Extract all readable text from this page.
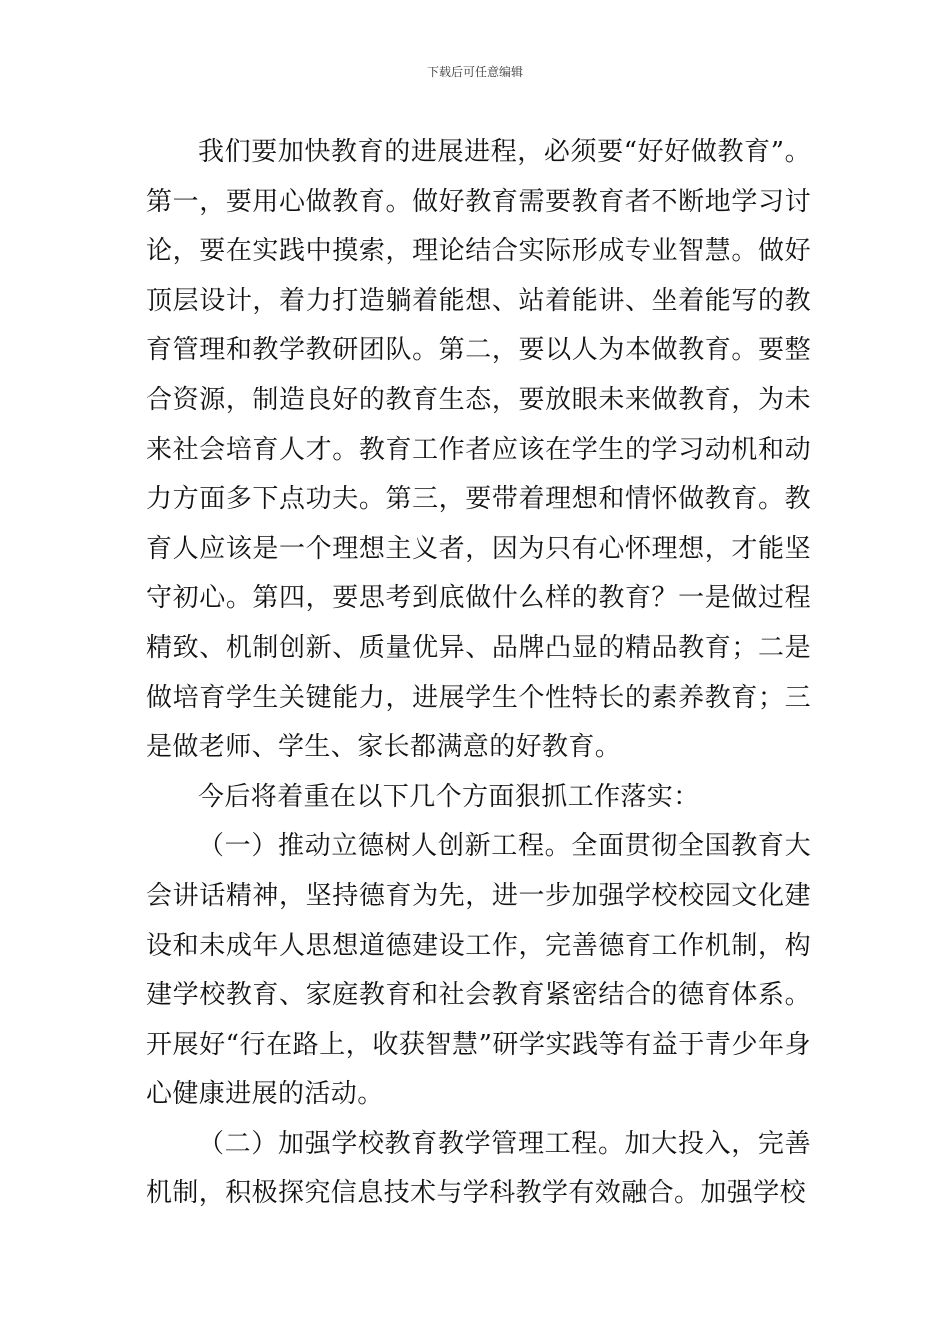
下载后可任意编辑

我们要加快教育的进展进程，必须要“好好做教育”。第一，要用心做教育。做好教育需要教育者不断地学习讨论，要在实践中摸索，理论结合实际形成专业智慧。做好顶层设计，着力打造躺着能想、站着能讲、坐着能写的教育管理和教学教研团队。第二，要以人为本做教育。要整合资源，制造良好的教育生态，要放眼未来做教育，为未来社会培育人才。教育工作者应该在学生的学习动机和动力方面多下点功夫。第三，要带着理想和情怀做教育。教育人应该是一个理想主义者，因为只有心怀理想，才能坚守初心。第四，要思考到底做什么样的教育？一是做过程精致、机制创新、质量优异、品牌凸显的精品教育；二是做培育学生关键能力，进展学生个性特长的素养教育；三是做老师、学生、家长都满意的好教育。

今后将着重在以下几个方面狠抓工作落实：

（一）推动立德树人创新工程。全面贯彻全国教育大会讲话精神，坚持德育为先，进一步加强学校校园文化建设和未成年人思想道德建设工作，完善德育工作机制，构建学校教育、家庭教育和社会教育紧密结合的德育体系。开展好“行在路上，收获智慧”研学实践等有益于青少年身心健康进展的活动。

（二）加强学校教育教学管理工程。加大投入，完善机制，积极探究信息技术与学科教学有效融合。加强学校
